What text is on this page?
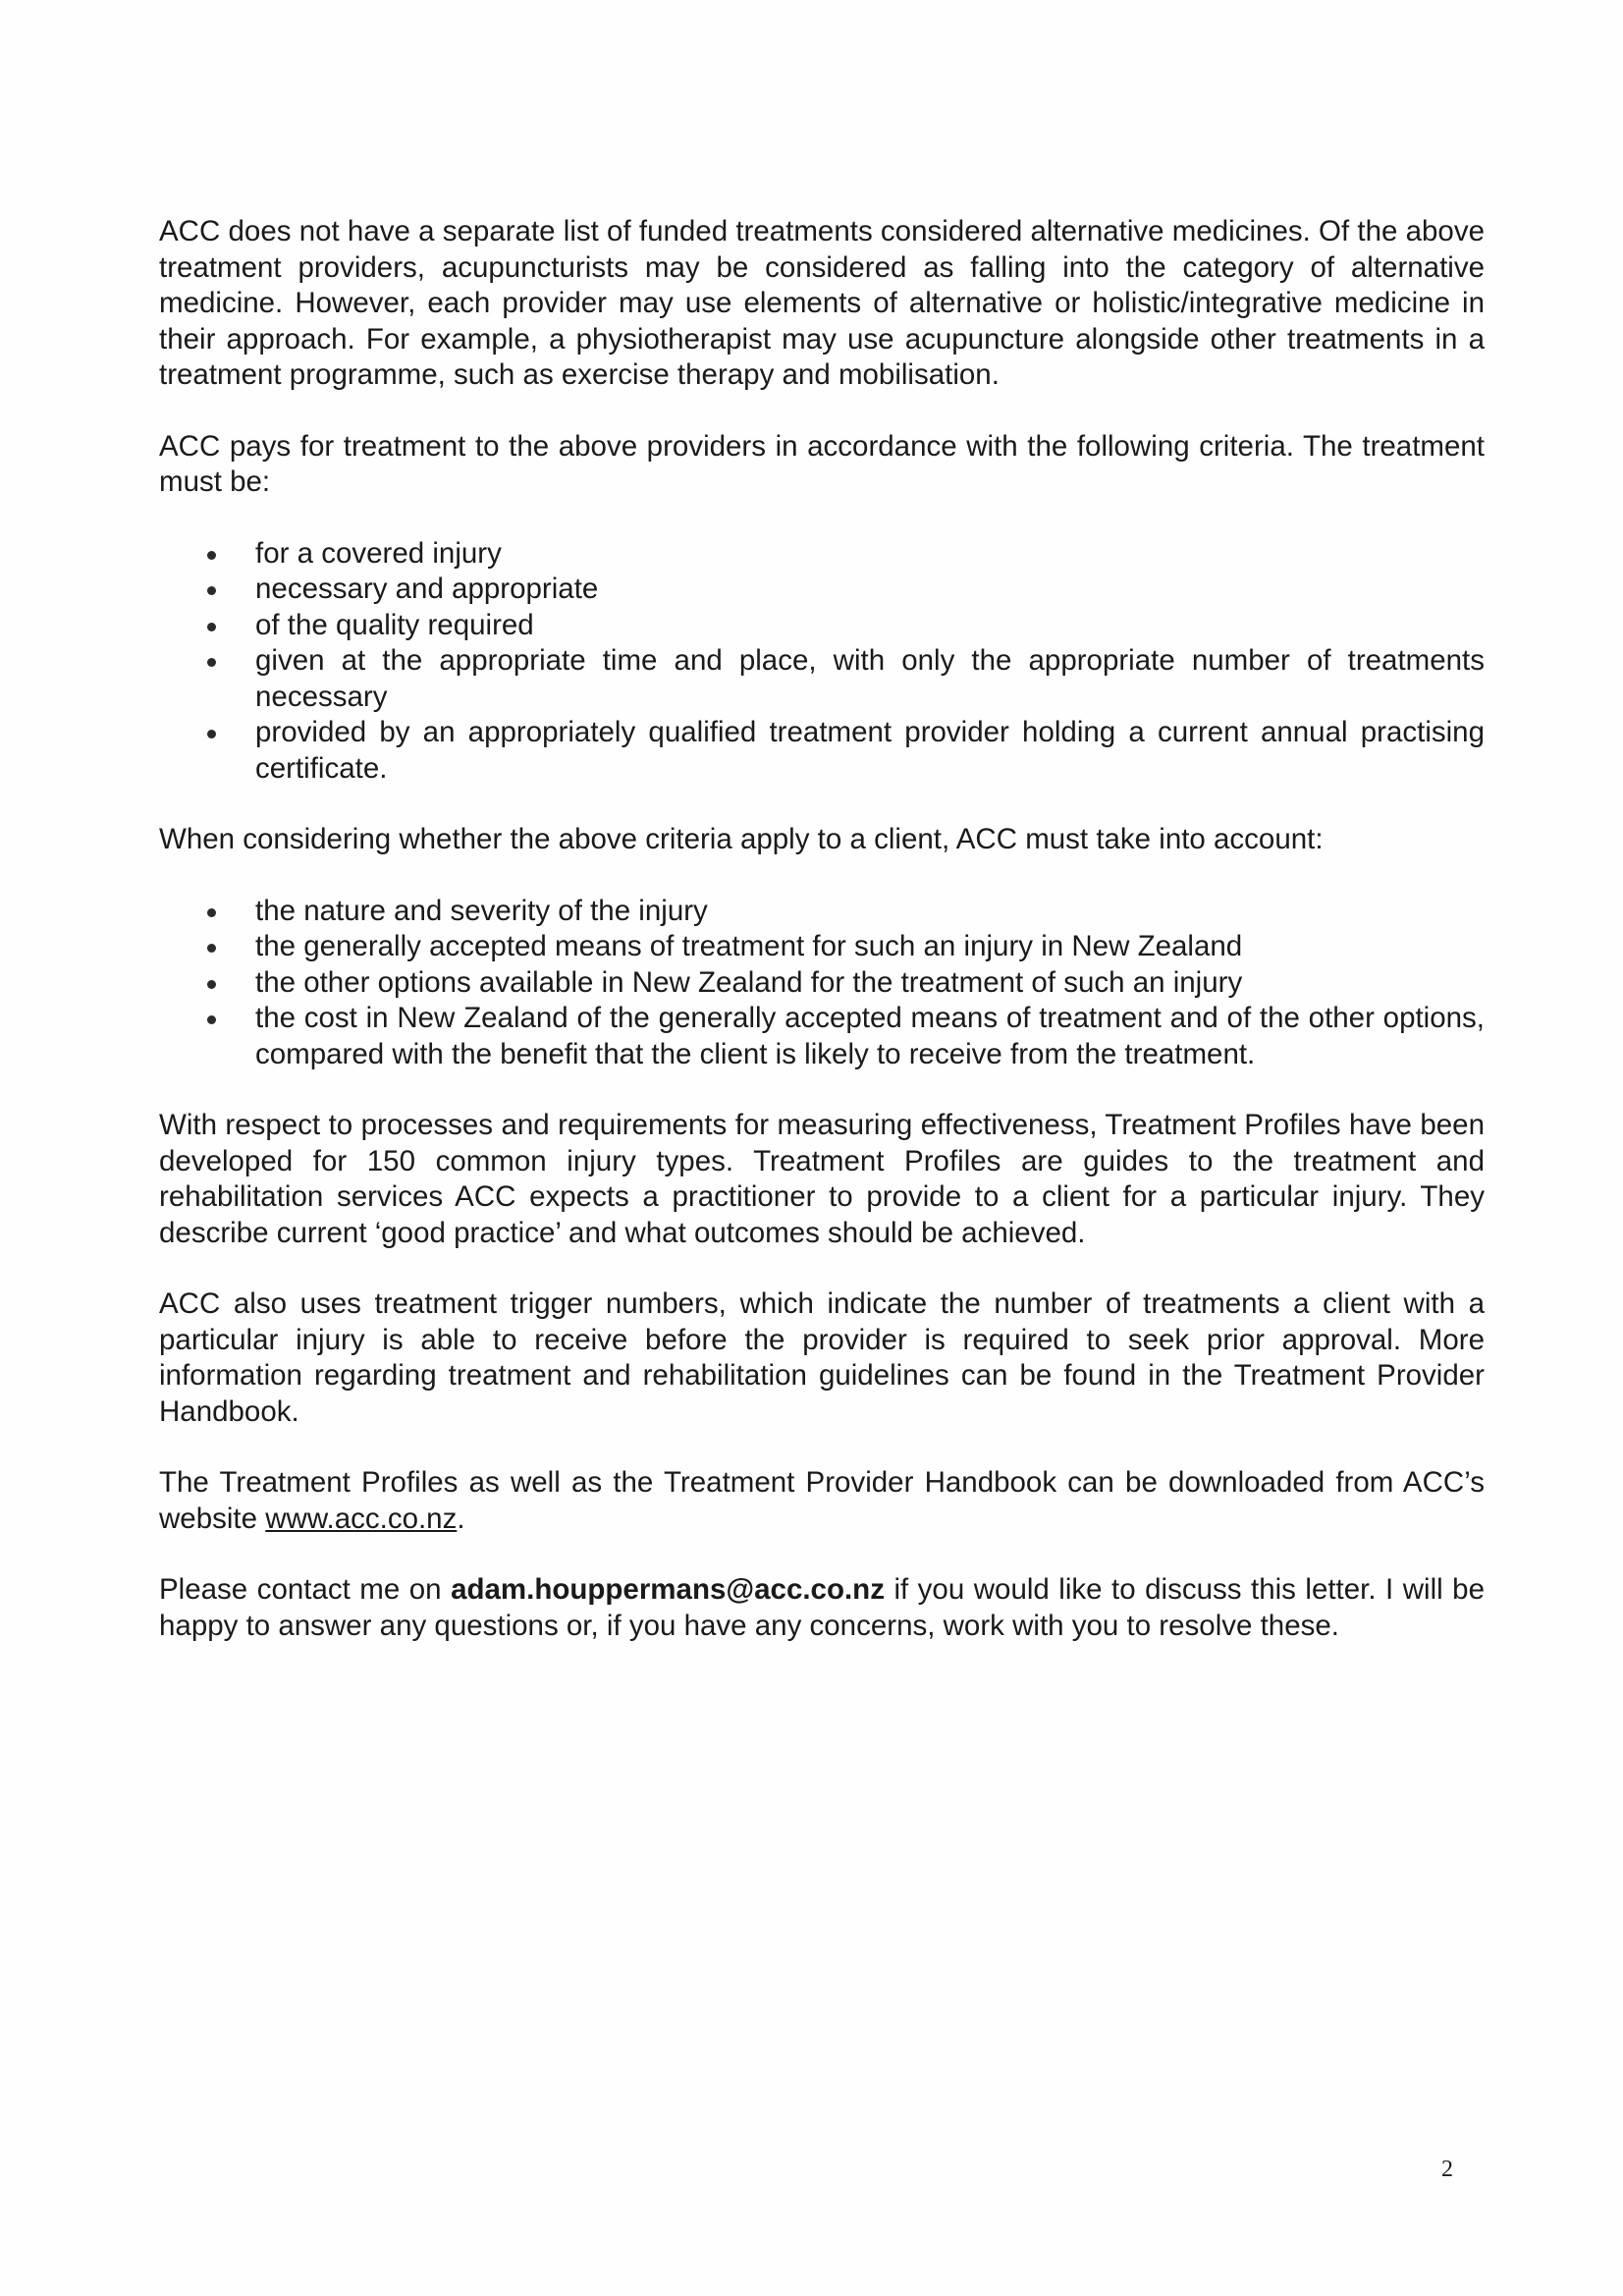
ACC does not have a separate list of funded treatments considered alternative medicines. Of the above treatment providers, acupuncturists may be considered as falling into the category of alternative medicine. However, each provider may use elements of alternative or holistic/integrative medicine in their approach. For example, a physiotherapist may use acupuncture alongside other treatments in a treatment programme, such as exercise therapy and mobilisation.

ACC pays for treatment to the above providers in accordance with the following criteria. The treatment must be:

for a covered injury
necessary and appropriate
of the quality required
given at the appropriate time and place, with only the appropriate number of treatments necessary
provided by an appropriately qualified treatment provider holding a current annual practising certificate.

When considering whether the above criteria apply to a client, ACC must take into account:

the nature and severity of the injury
the generally accepted means of treatment for such an injury in New Zealand
the other options available in New Zealand for the treatment of such an injury
the cost in New Zealand of the generally accepted means of treatment and of the other options, compared with the benefit that the client is likely to receive from the treatment.

With respect to processes and requirements for measuring effectiveness, Treatment Profiles have been developed for 150 common injury types. Treatment Profiles are guides to the treatment and rehabilitation services ACC expects a practitioner to provide to a client for a particular injury. They describe current ‘good practice’ and what outcomes should be achieved.

ACC also uses treatment trigger numbers, which indicate the number of treatments a client with a particular injury is able to receive before the provider is required to seek prior approval. More information regarding treatment and rehabilitation guidelines can be found in the Treatment Provider Handbook.

The Treatment Profiles as well as the Treatment Provider Handbook can be downloaded from ACC’s website www.acc.co.nz.

Please contact me on adam.houppermans@acc.co.nz if you would like to discuss this letter. I will be happy to answer any questions or, if you have any concerns, work with you to resolve these.

2
